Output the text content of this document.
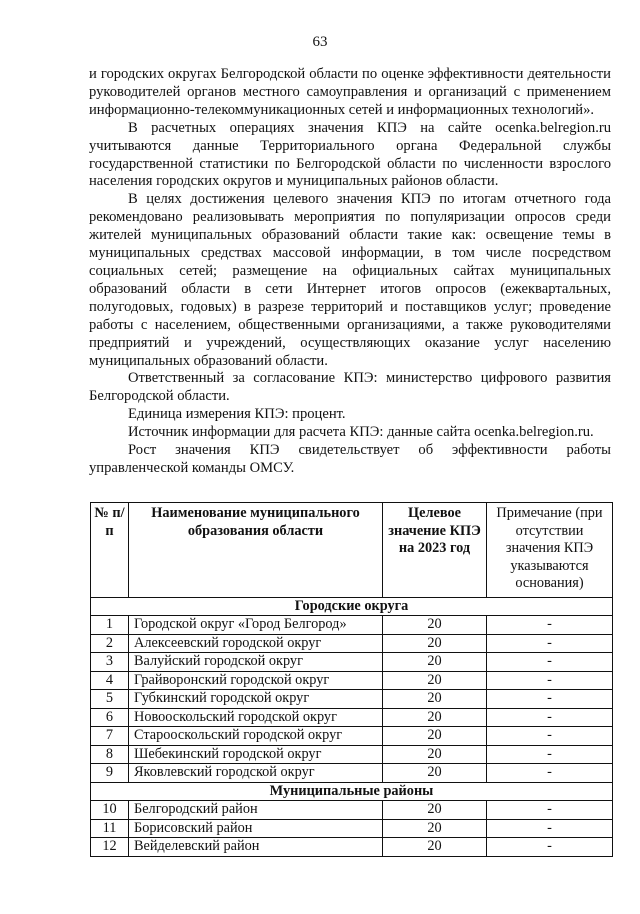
63

и городских округах Белгородской области по оценке эффективности деятельности руководителей органов местного самоуправления и организаций с применением информационно-телекоммуникационных сетей и информационных технологий».

В расчетных операциях значения КПЭ на сайте ocenka.belregion.ru учитываются данные Территориального органа Федеральной службы государственной статистики по Белгородской области по численности взрослого населения городских округов и муниципальных районов области.

В целях достижения целевого значения КПЭ по итогам отчетного года рекомендовано реализовывать мероприятия по популяризации опросов среди жителей муниципальных образований области такие как: освещение темы в муниципальных средствах массовой информации, в том числе посредством социальных сетей; размещение на официальных сайтах муниципальных образований области в сети Интернет итогов опросов (ежеквартальных, полугодовых, годовых) в разрезе территорий и поставщиков услуг; проведение работы с населением, общественными организациями, а также руководителями предприятий и учреждений, осуществляющих оказание услуг населению муниципальных образований области.

Ответственный за согласование КПЭ: министерство цифрового развития Белгородской области.

Единица измерения КПЭ: процент.

Источник информации для расчета КПЭ: данные сайта ocenka.belregion.ru.

Рост значения КПЭ свидетельствует об эффективности работы управленческой команды ОМСУ.

№ п/п	Наименование муниципального образования области	Целевое значение КПЭ на 2023 год	Примечание (при отсутствии значения КПЭ указываются основания)
Городские округа			
1	Городской округ «Город Белгород»	20	-
2	Алексеевский городской округ	20	-
3	Валуйский городской округ	20	-
4	Грайворонский городской округ	20	-
5	Губкинский городской округ	20	-
6	Новооскольский городской округ	20	-
7	Старооскольский городской округ	20	-
8	Шебекинский городской округ	20	-
9	Яковлевский городской округ	20	-
Муниципальные районы			
10	Белгородский район	20	-
11	Борисовский район	20	-
12	Вейделевский район	20	-
